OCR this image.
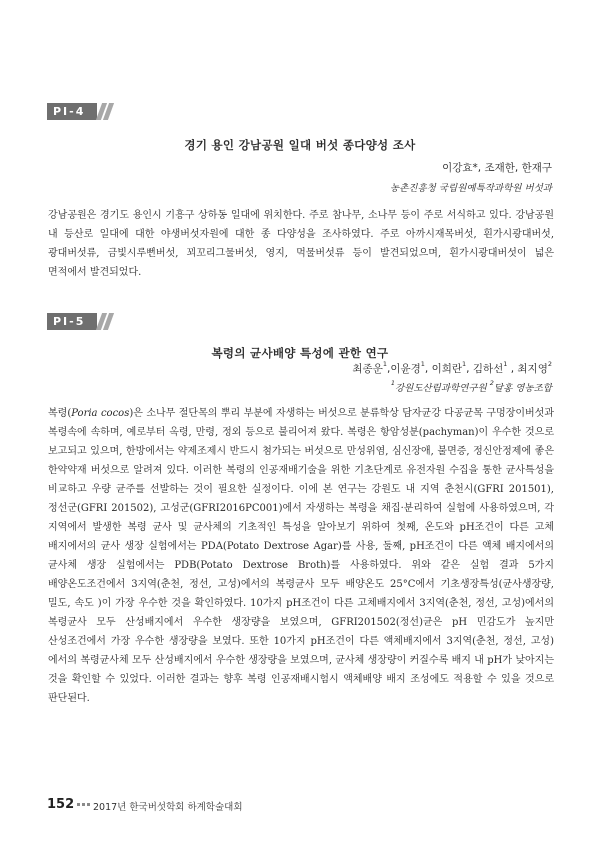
PI-4
경기 용인 강남공원 일대 버섯 종다양성 조사
이강효*, 조재한, 한재구
농촌진흥청 국립원예특작과학원 버섯과
강남공원은 경기도 용인시 기흥구 상하동 일대에 위치한다. 주로 참나무, 소나무 등이 주로 서식하고 있다. 강남공원 내 등산로 일대에 대한 야생버섯자원에 대한 종 다양성을 조사하였다. 주로 아까시재목버섯, 흰가시광대버섯, 광대버섯류, 금빛시루뻔버섯, 꾀꼬리그물버섯, 영지, 먹물버섯류 등이 발견되었으며, 흰가시광대버섯이 넓은 면적에서 발견되었다.
PI-5
복령의 균사배양 특성에 관한 연구
최종운$^1$,이윤경$^1$, 이희란$^1$, 김하선$^1$ , 최지영$^2$
$^1$강원도산림과학연구원 $^2$달홍 영농조합
복령(Poria cocos)은 소나무 절단목의 뿌리 부분에 자생하는 버섯으로 분류학상 담자균강 다공균목 구멍장이버섯과 복령속에 속하며, 예로부터 옥령, 만령, 정외 등으로 불리어져 왔다. 복령은 항암성분(pachyman)이 우수한 것으로 보고되고 있으며, 한방에서는 약제조제시 반드시 첨가되는 버섯으로 만성위염, 심신장애, 불면증, 정신안정제에 좋은 한약약재 버섯으로 알려져 있다. 이러한 복령의 인공재배기술을 위한 기초단계로 유전자원 수집을 통한 균사특성을 비교하고 우량 균주를 선발하는 것이 필요한 실정이다. 이에 본 연구는 강원도 내 지역 춘천시(GFRI 201501), 정선군(GFRI 201502), 고성군(GFRI2016PC001)에서 자생하는 복령을 채집·분리하여 실험에 사용하였으며, 각 지역에서 발생한 복령 균사 및 균사체의 기초적인 특성을 알아보기 위하여 첫째, 온도와 pH조건이 다른 고체 배지에서의 균사 생장 실험에서는 PDA(Potato Dextrose Agar)를 사용, 둘째, pH조건이 다른 액체 배지에서의 균사체 생장 실험에서는 PDB(Potato Dextrose Broth)를 사용하였다. 위와 같은 실험 결과 5가지 배양온도조건에서 3지역(춘천, 정선, 고성)에서의 복령균사 모두 배양온도 25°C에서 기초생장특성(균사생장량, 밀도, 속도 )이 가장 우수한 것을 확인하였다. 10가지 pH조건이 다른 고체배지에서 3지역(춘천, 정선, 고성)에서의 복령균사 모두 산성배지에서 우수한 생장량을 보였으며, GFRI201502(정선)균은 pH 민감도가 높지만 산성조건에서 가장 우수한 생장량을 보였다. 또한 10가지 pH조건이 다른 액체배지에서 3지역(춘천, 정선, 고성)에서의 복령균사체 모두 산성배지에서 우수한 생장량을 보였으며, 균사체 생장량이 커질수록 배지 내 pH가 낮아지는 것을 확인할 수 있었다. 이러한 결과는 향후 복령 인공재배시험시 액체배양 배지 조성에도 적용할 수 있을 것으로 판단된다.
152 2017년 한국버섯학회 하계학술대회
